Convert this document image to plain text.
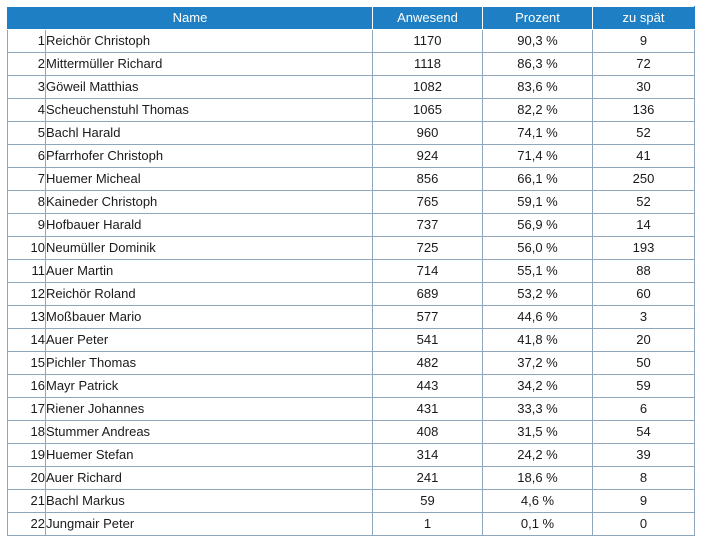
Name		Anwesend	Prozent	zu spät
1	Reichör Christoph	1170	90,3 %	9
2	Mittermüller Richard	1118	86,3 %	72
3	Göweil Matthias	1082	83,6 %	30
4	Scheuchenstuhl Thomas	1065	82,2 %	136
5	Bachl Harald	960	74,1 %	52
6	Pfarrhofer Christoph	924	71,4 %	41
7	Huemer Micheal	856	66,1 %	250
8	Kaineder Christoph	765	59,1 %	52
9	Hofbauer Harald	737	56,9 %	14
10	Neumüller Dominik	725	56,0 %	193
11	Auer Martin	714	55,1 %	88
12	Reichör Roland	689	53,2 %	60
13	Moßbauer Mario	577	44,6 %	3
14	Auer Peter	541	41,8 %	20
15	Pichler Thomas	482	37,2 %	50
16	Mayr Patrick	443	34,2 %	59
17	Riener Johannes	431	33,3 %	6
18	Stummer Andreas	408	31,5 %	54
19	Huemer Stefan	314	24,2 %	39
20	Auer Richard	241	18,6 %	8
21	Bachl Markus	59	4,6 %	9
22	Jungmair Peter	1	0,1 %	0
